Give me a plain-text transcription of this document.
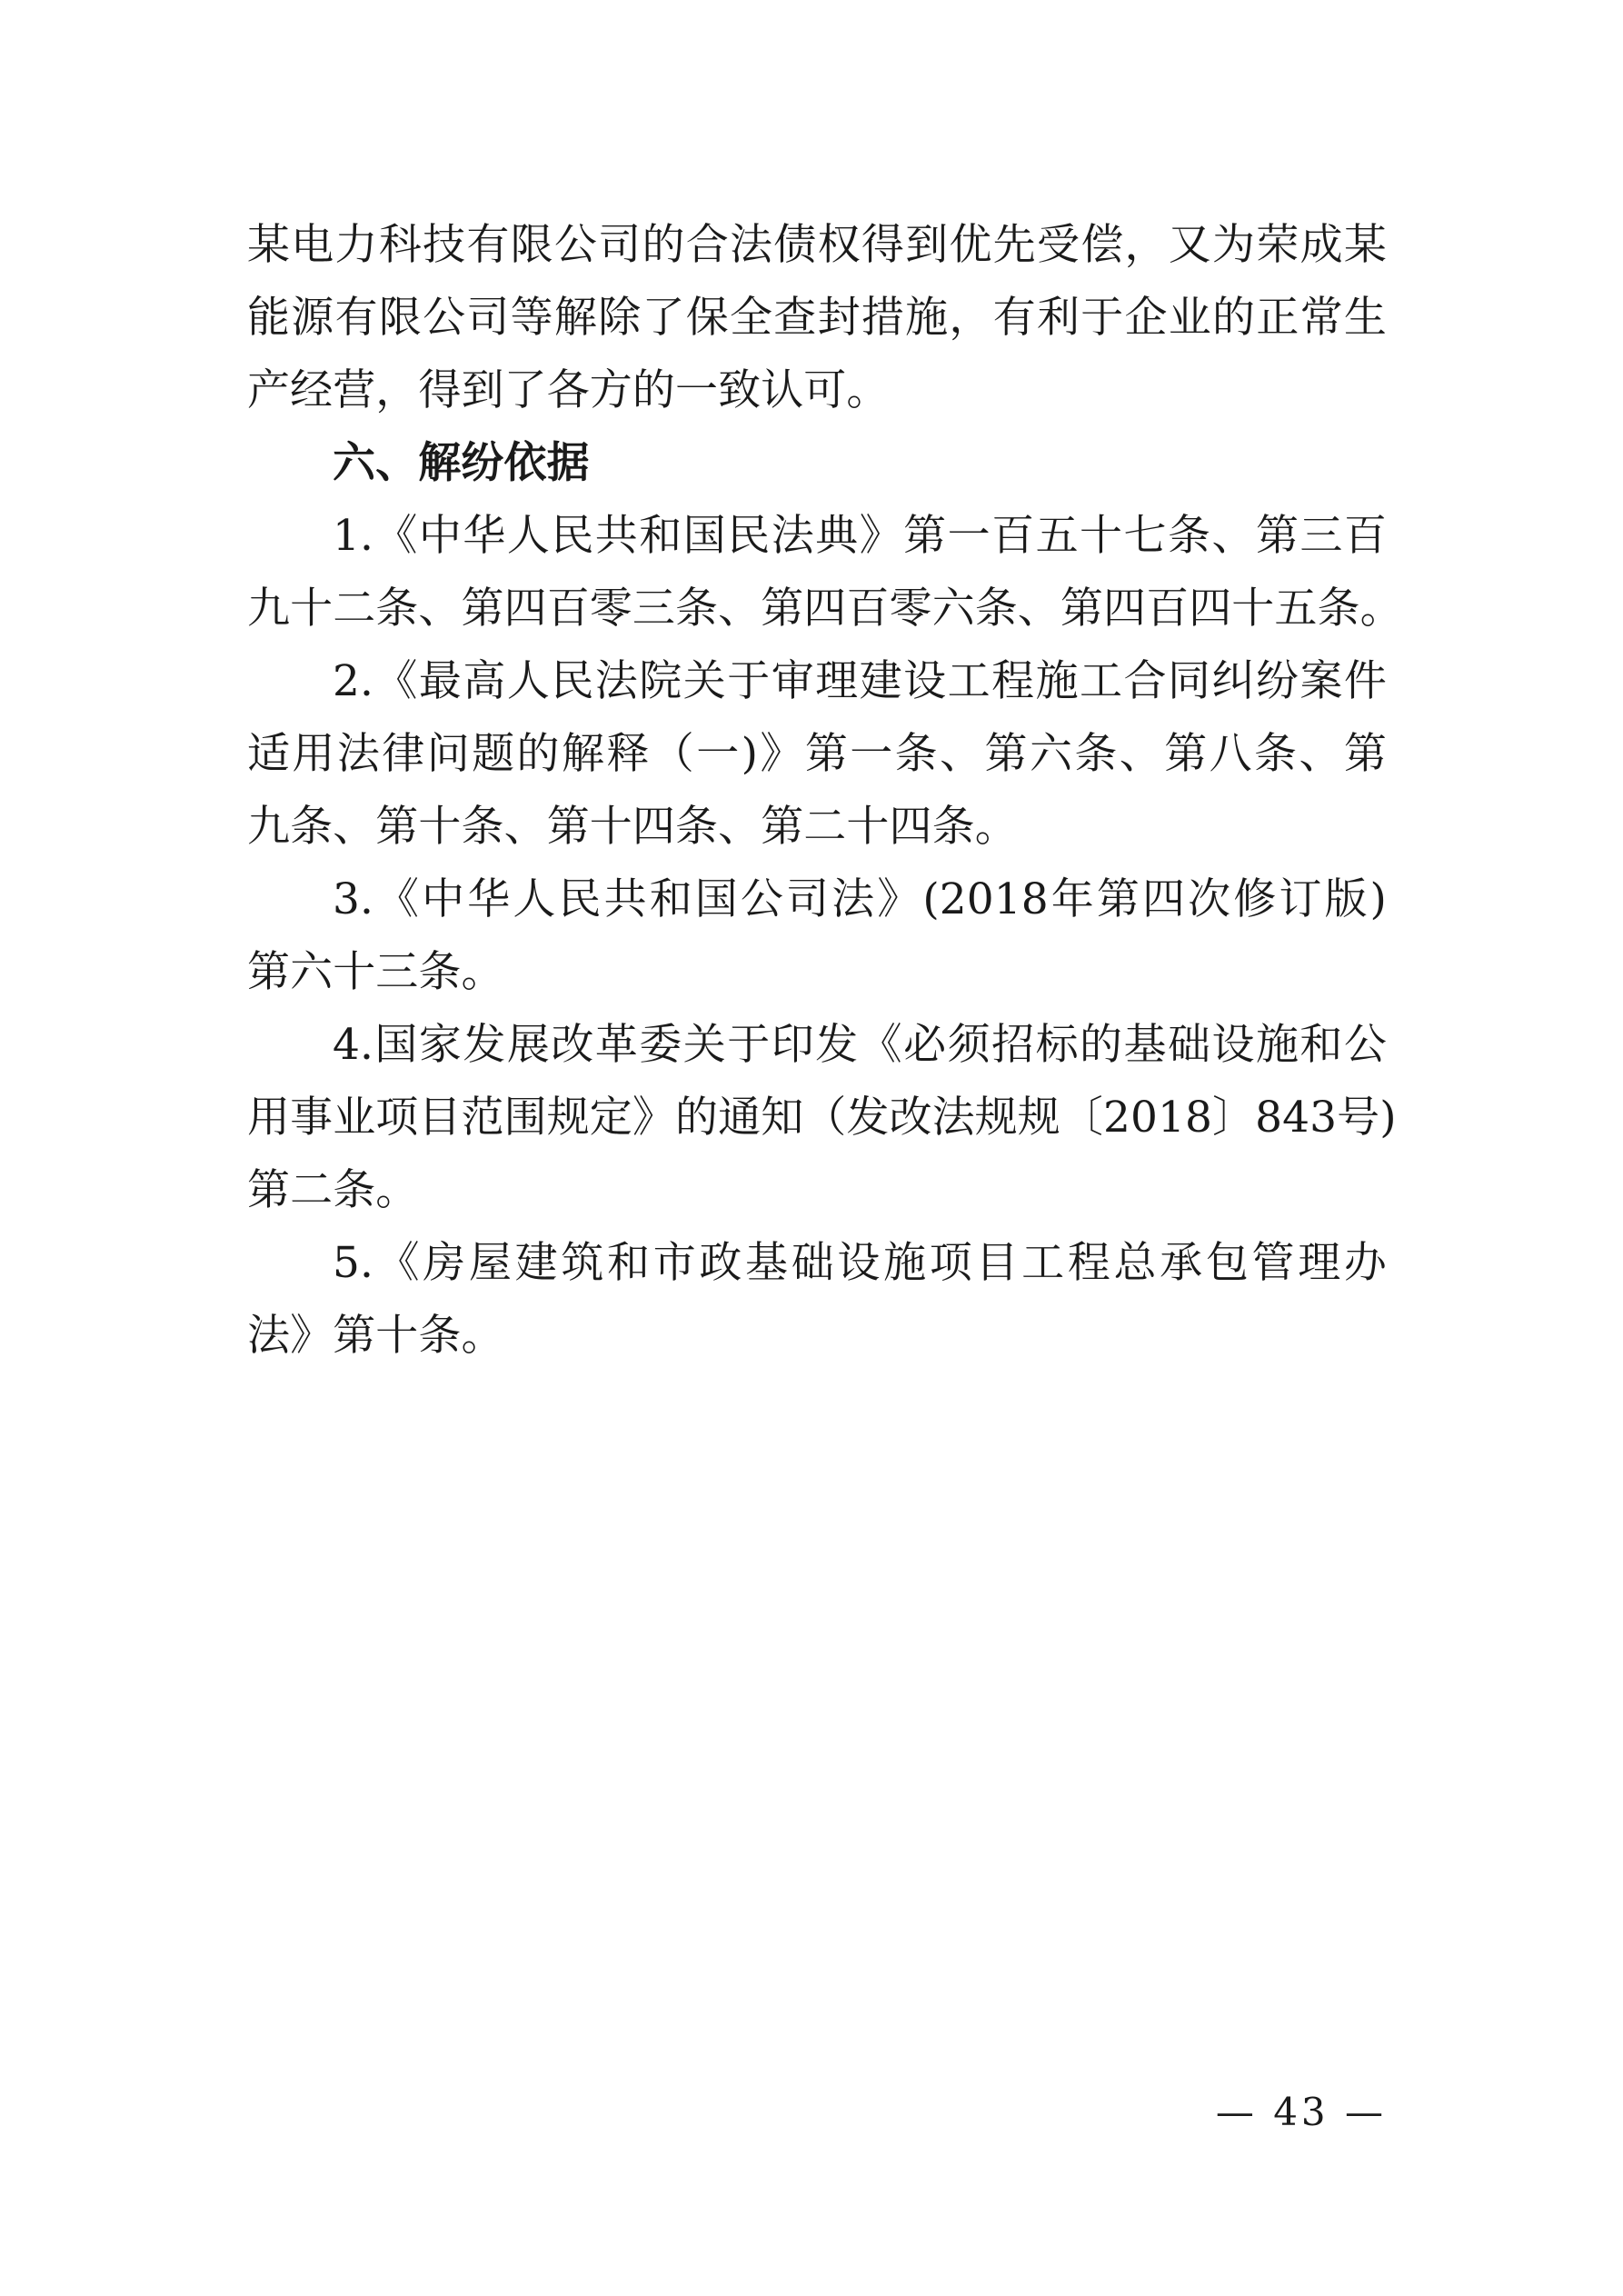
某电力科技有限公司的合法债权得到优先受偿，又为荣成某
能源有限公司等解除了保全查封措施，有利于企业的正常生
产经营，得到了各方的一致认可。
六、解纷依据
1.《中华人民共和国民法典》第一百五十七条、第三百
九十二条、第四百零三条、第四百零六条、第四百四十五条。
2.《最高人民法院关于审理建设工程施工合同纠纷案件
适用法律问题的解释（一)》第一条、第六条、第八条、第
九条、第十条、第十四条、第二十四条。
3.《中华人民共和国公司法》(2018年第四次修订版)
第六十三条。
4.国家发展改革委关于印发《必须招标的基础设施和公
用事业项目范围规定》的通知（发改法规规〔2018〕843号)
第二条。
5.《房屋建筑和市政基础设施项目工程总承包管理办
法》第十条。
— 43 —
